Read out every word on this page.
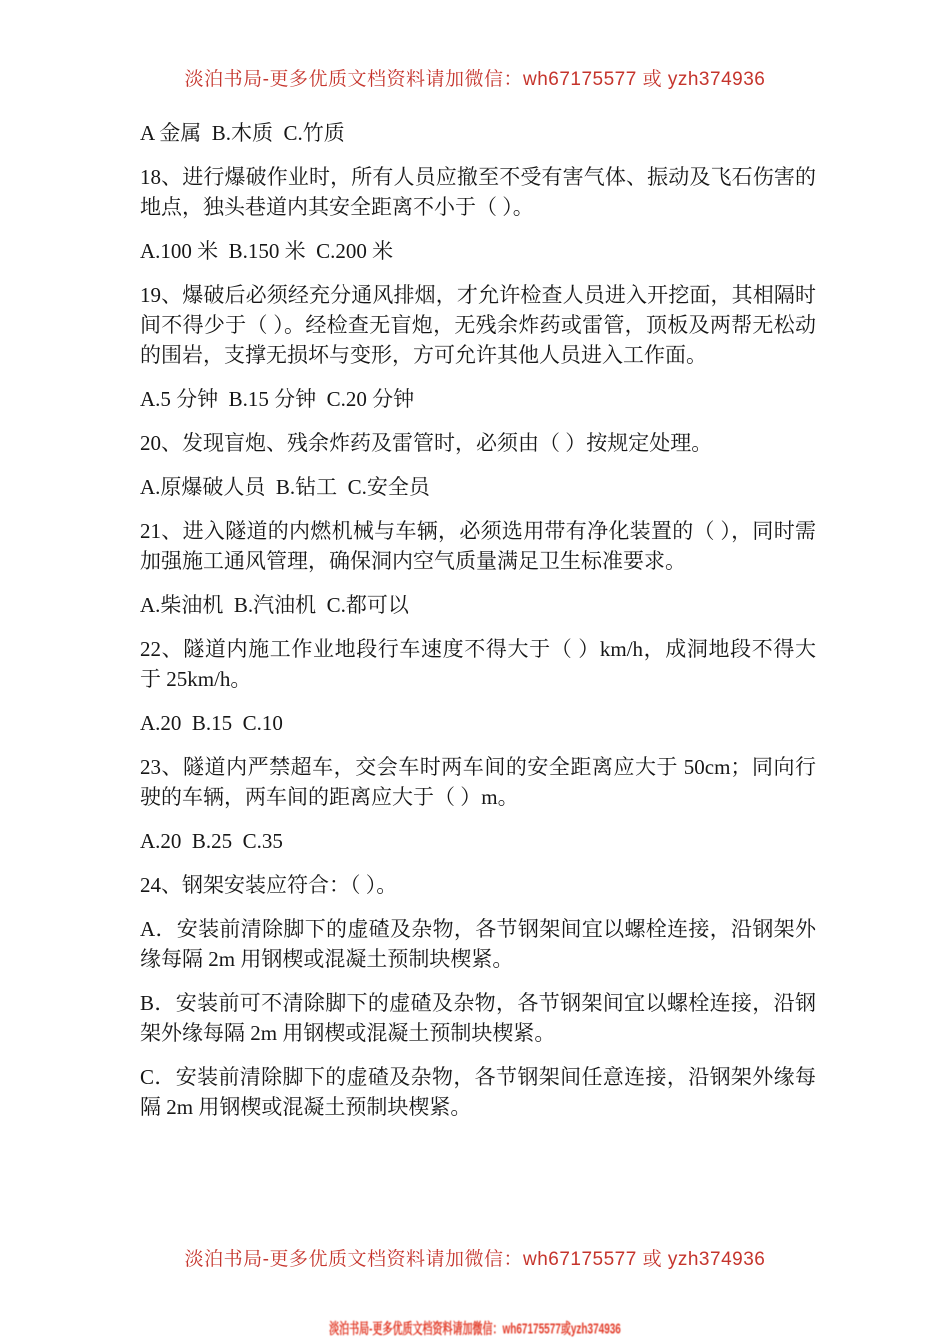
淡泊书局-更多优质文档资料请加微信：wh67175577 或 yzh374936

A 金属  B.木质  C.竹质

18、进行爆破作业时，所有人员应撤至不受有害气体、振动及飞石伤害的地点，独头巷道内其安全距离不小于（ ）。

A.100 米  B.150 米  C.200 米

19、爆破后必须经充分通风排烟，才允许检查人员进入开挖面，其相隔时间不得少于（ ）。经检查无盲炮，无残余炸药或雷管，顶板及两帮无松动的围岩，支撑无损坏与变形，方可允许其他人员进入工作面。

A.5 分钟  B.15 分钟  C.20 分钟

20、发现盲炮、残余炸药及雷管时，必须由（ ）按规定处理。

A.原爆破人员  B.钻工  C.安全员

21、进入隧道的内燃机械与车辆，必须选用带有净化装置的（ ），同时需加强施工通风管理，确保洞内空气质量满足卫生标准要求。

A.柴油机  B.汽油机  C.都可以

22、隧道内施工作业地段行车速度不得大于（ ）km/h，成洞地段不得大于 25km/h。

A.20  B.15  C.10

23、隧道内严禁超车，交会车时两车间的安全距离应大于 50cm；同向行驶的车辆，两车间的距离应大于（ ）m。

A.20  B.25  C.35

24、钢架安装应符合：（ ）。

A．安装前清除脚下的虚碴及杂物，各节钢架间宜以螺栓连接，沿钢架外缘每隔 2m 用钢楔或混凝土预制块楔紧。

B．安装前可不清除脚下的虚碴及杂物，各节钢架间宜以螺栓连接，沿钢架外缘每隔 2m 用钢楔或混凝土预制块楔紧。

C．安装前清除脚下的虚碴及杂物，各节钢架间任意连接，沿钢架外缘每隔 2m 用钢楔或混凝土预制块楔紧。

淡泊书局-更多优质文档资料请加微信：wh67175577 或 yzh374936
淡泊书局-更多优质文档资料请加微信：wh67175577或yzh374936
